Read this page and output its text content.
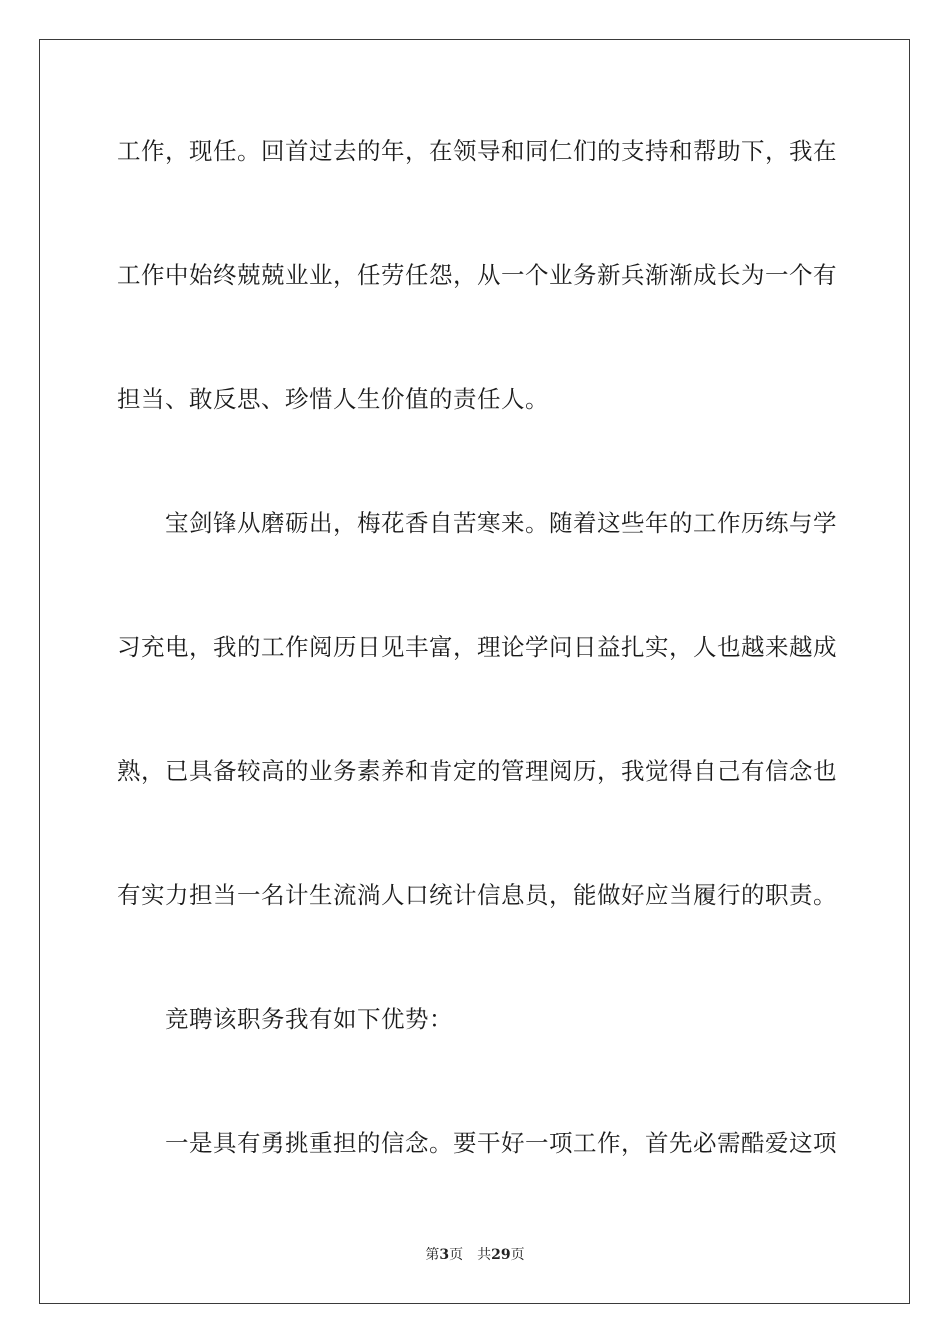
工作，现任。回首过去的年，在领导和同仁们的支持和帮助下，我在
工作中始终兢兢业业，任劳任怨，从一个业务新兵渐渐成长为一个有
担当、敢反思、珍惜人生价值的责任人。
宝剑锋从磨砺出，梅花香自苦寒来。随着这些年的工作历练与学
习充电，我的工作阅历日见丰富，理论学问日益扎实，人也越来越成
熟，已具备较高的业务素养和肯定的管理阅历，我觉得自己有信念也
有实力担当一名计生流淌人口统计信息员，能做好应当履行的职责。
竞聘该职务我有如下优势：
一是具有勇挑重担的信念。要干好一项工作，首先必需酷爱这项
第3页 共29页
